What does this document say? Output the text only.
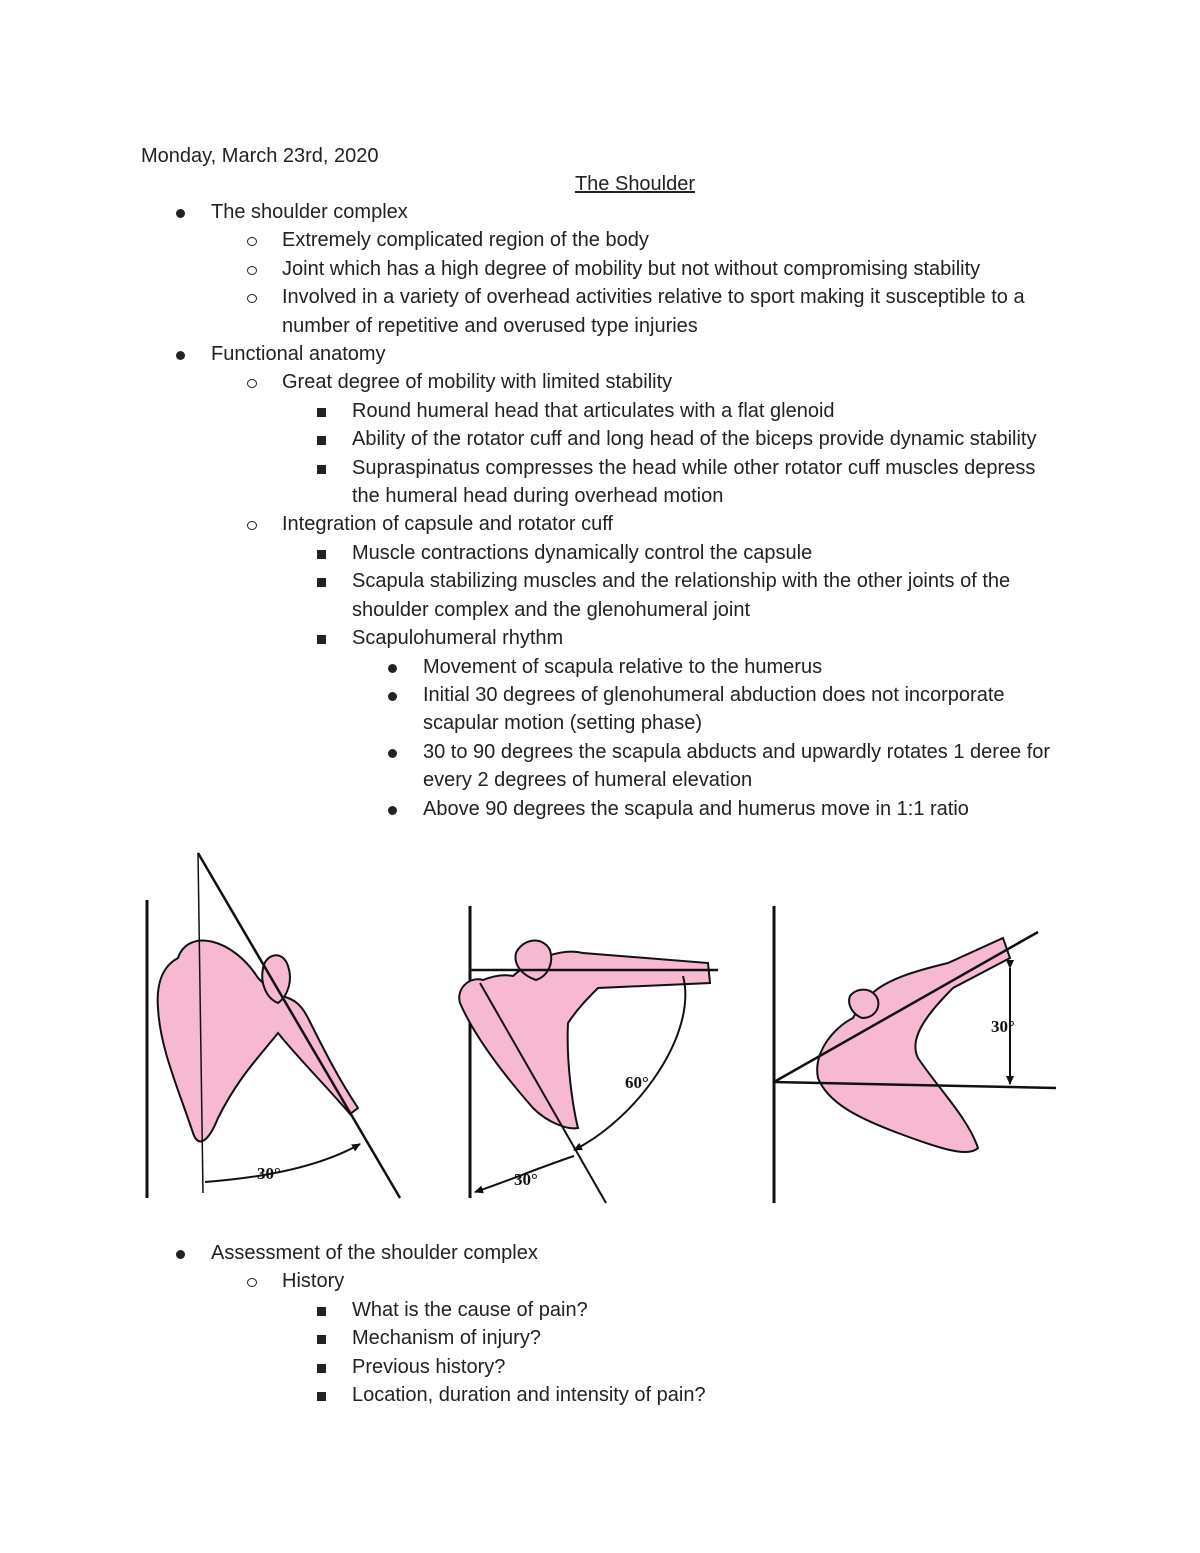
Monday, March 23rd, 2020
The Shoulder
The shoulder complex
Extremely complicated region of the body
Joint which has a high degree of mobility but not without compromising stability
Involved in a variety of overhead activities relative to sport making it susceptible to a number of repetitive and overused type injuries
Functional anatomy
Great degree of mobility with limited stability
Round humeral head that articulates with a flat glenoid
Ability of the rotator cuff and long head of the biceps provide dynamic stability
Supraspinatus compresses the head while other rotator cuff muscles depress the humeral head during overhead motion
Integration of capsule and rotator cuff
Muscle contractions dynamically control the capsule
Scapula stabilizing muscles and the relationship with the other joints of the shoulder complex and the glenohumeral joint
Scapulohumeral rhythm
Movement of scapula relative to the humerus
Initial 30 degrees of glenohumeral abduction does not incorporate scapular motion (setting phase)
30 to 90 degrees the scapula abducts and upwardly rotates 1 deree for every 2 degrees of humeral elevation
Above 90 degrees the scapula and humerus move in 1:1 ratio
30°
60°
30°
30°
Assessment of the shoulder complex
History
What is the cause of pain?
Mechanism of injury?
Previous history?
Location, duration and intensity of pain?
